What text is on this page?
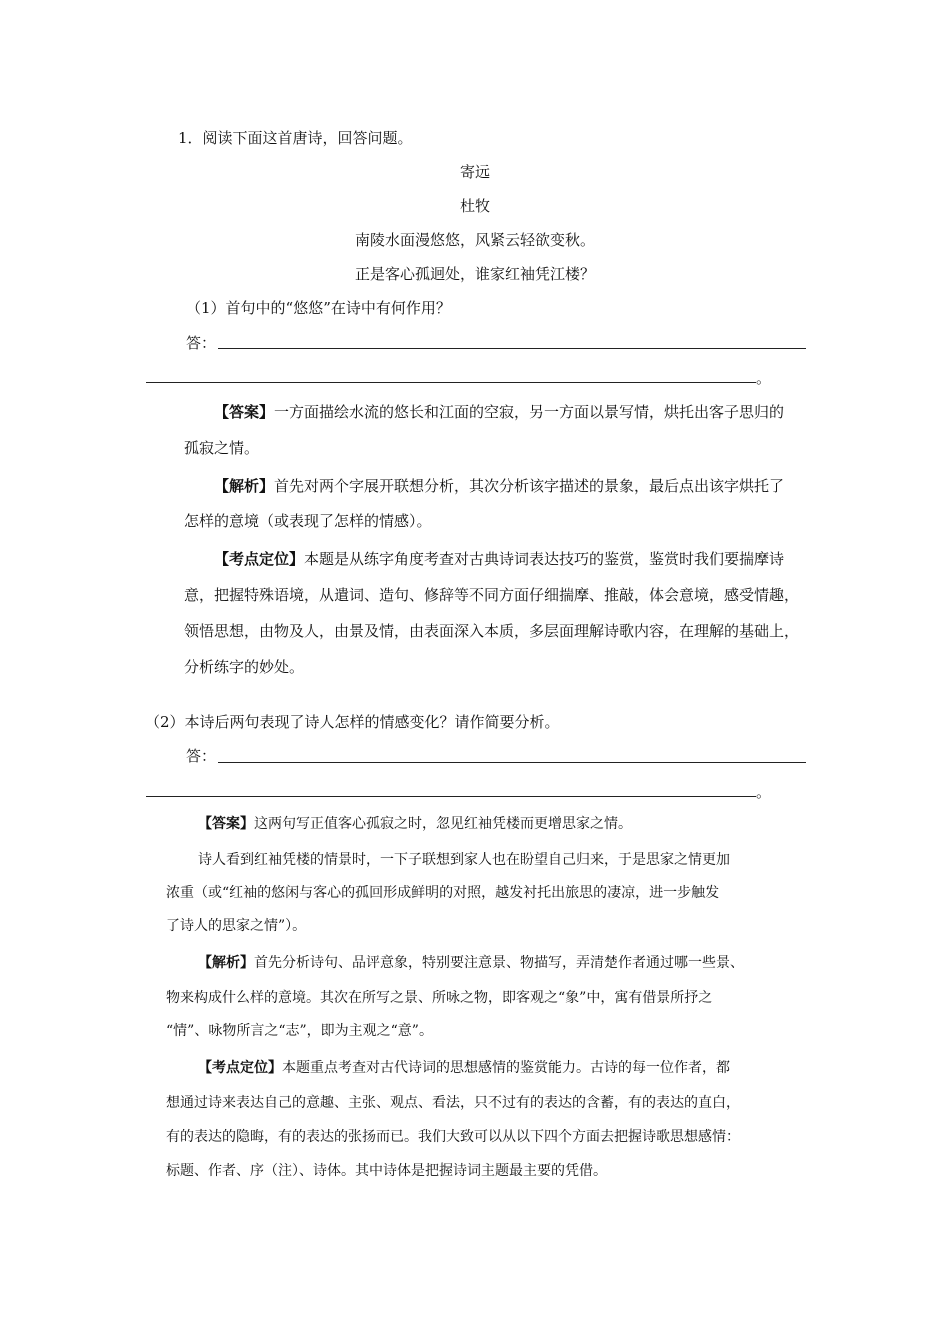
1．阅读下面这首唐诗，回答问题。
寄远
杜牧
南陵水面漫悠悠，风紧云轻欲变秋。
正是客心孤迥处，谁家红袖凭江楼？
（1）首句中的“悠悠”在诗中有何作用？
答：
。
【答案】一方面描绘水流的悠长和江面的空寂，另一方面以景写情，烘托出客子思归的
孤寂之情。
【解析】首先对两个字展开联想分析，其次分析该字描述的景象，最后点出该字烘托了
怎样的意境（或表现了怎样的情感）。
【考点定位】本题是从练字角度考查对古典诗词表达技巧的鉴赏，鉴赏时我们要揣摩诗
意，把握特殊语境，从遣词、造句、修辞等不同方面仔细揣摩、推敲，体会意境，感受情趣，
领悟思想，由物及人，由景及情，由表面深入本质，多层面理解诗歌内容，在理解的基础上，
分析练字的妙处。
（2）本诗后两句表现了诗人怎样的情感变化？请作简要分析。
答：
。
【答案】这两句写正值客心孤寂之时，忽见红袖凭楼而更增思家之情。
诗人看到红袖凭楼的情景时，一下子联想到家人也在盼望自己归来，于是思家之情更加
浓重（或“红袖的悠闲与客心的孤回形成鲜明的对照，越发衬托出旅思的凄凉，进一步触发
了诗人的思家之情”）。
【解析】首先分析诗句、品评意象，特别要注意景、物描写，弄清楚作者通过哪一些景、
物来构成什么样的意境。其次在所写之景、所咏之物，即客观之“象”中，寓有借景所抒之
“情”、咏物所言之“志”，即为主观之“意”。
【考点定位】本题重点考查对古代诗词的思想感情的鉴赏能力。古诗的每一位作者，都
想通过诗来表达自己的意趣、主张、观点、看法，只不过有的表达的含蓄，有的表达的直白，
有的表达的隐晦，有的表达的张扬而已。我们大致可以从以下四个方面去把握诗歌思想感情：
标题、作者、序（注）、诗体。其中诗体是把握诗词主题最主要的凭借。
